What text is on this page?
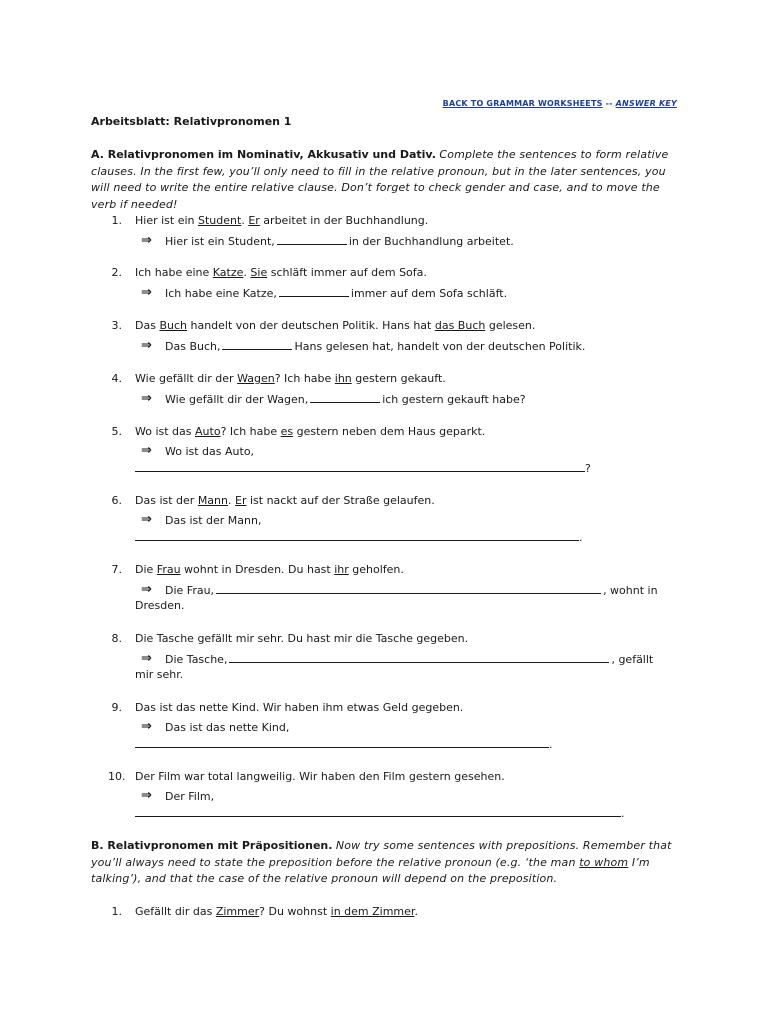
BACK TO GRAMMAR WORKSHEETS -- ANSWER KEY
Arbeitsblatt: Relativpronomen 1
A. Relativpronomen im Nominativ, Akkusativ und Dativ. Complete the sentences to form relative clauses. In the first few, you’ll only need to fill in the relative pronoun, but in the later sentences, you will need to write the entire relative clause. Don’t forget to check gender and case, and to move the verb if needed!
1. Hier ist ein Student. Er arbeitet in der Buchhandlung.
⇒ Hier ist ein Student,	in der Buchhandlung arbeitet.
2. Ich habe eine Katze. Sie schläft immer auf dem Sofa.
⇒ Ich habe eine Katze,	immer auf dem Sofa schläft.
3. Das Buch handelt von der deutschen Politik. Hans hat das Buch gelesen.
⇒ Das Buch,	Hans gelesen hat, handelt von der deutschen Politik.
4. Wie gefällt dir der Wagen? Ich habe ihn gestern gekauft.
⇒ Wie gefällt dir der Wagen,	ich gestern gekauft habe?
5. Wo ist das Auto? Ich habe es gestern neben dem Haus geparkt.
⇒ Wo ist das Auto,
?
6. Das ist der Mann. Er ist nackt auf der Straße gelaufen.
⇒ Das ist der Mann,
.
7. Die Frau wohnt in Dresden. Du hast ihr geholfen.
⇒ Die Frau,	, wohnt in
Dresden.
8. Die Tasche gefällt mir sehr. Du hast mir die Tasche gegeben.
⇒ Die Tasche,	, gefällt
mir sehr.
9. Das ist das nette Kind. Wir haben ihm etwas Geld gegeben.
⇒ Das ist das nette Kind,
.
10. Der Film war total langweilig. Wir haben den Film gestern gesehen.
⇒ Der Film,
.
B. Relativpronomen mit Präpositionen. Now try some sentences with prepositions. Remember that you’ll always need to state the preposition before the relative pronoun (e.g. ‘the man to whom I’m talking’), and that the case of the relative pronoun will depend on the preposition.
1. Gefällt dir das Zimmer? Du wohnst in dem Zimmer.
